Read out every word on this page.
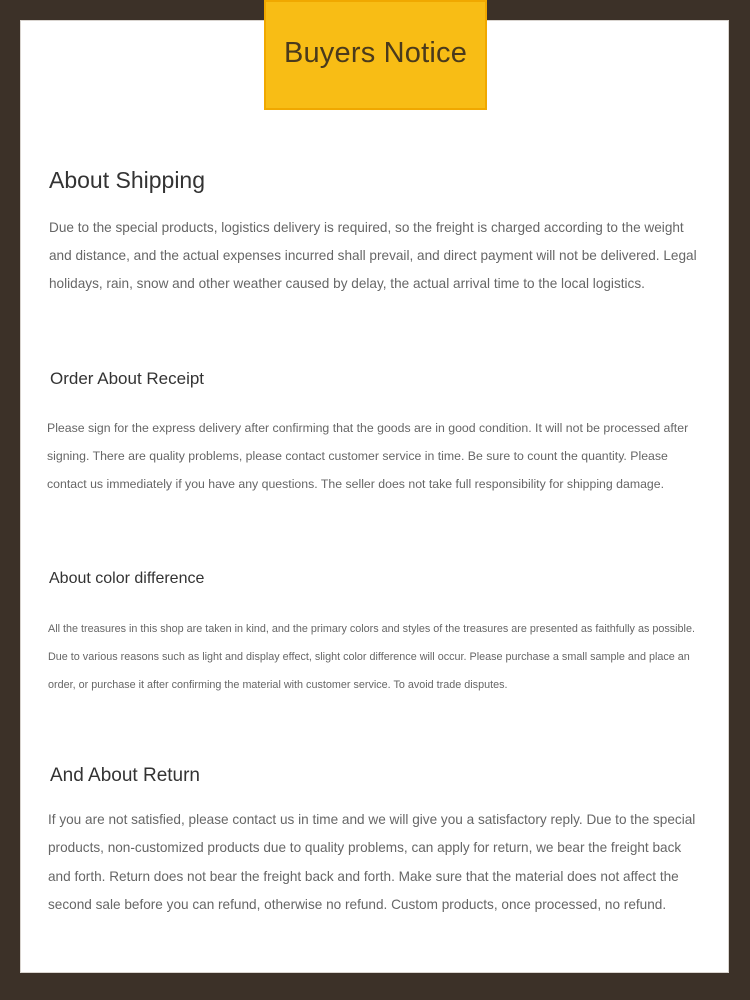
Buyers Notice
About Shipping

Due to the special products, logistics delivery is required, so the freight is charged according to the weight and distance, and the actual expenses incurred shall prevail, and direct payment will not be delivered. Legal holidays, rain, snow and other weather caused by delay, the actual arrival time to the local logistics.

Order About Receipt

Please sign for the express delivery after confirming that the goods are in good condition. It will not be processed after signing. There are quality problems, please contact customer service in time. Be sure to count the quantity. Please contact us immediately if you have any questions. The seller does not take full responsibility for shipping damage.

About color difference

All the treasures in this shop are taken in kind, and the primary colors and styles of the treasures are presented as faithfully as possible. Due to various reasons such as light and display effect, slight color difference will occur. Please purchase a small sample and place an order, or purchase it after confirming the material with customer service. To avoid trade disputes.

And About Return

If you are not satisfied, please contact us in time and we will give you a satisfactory reply. Due to the special products, non-customized products due to quality problems, can apply for return, we bear the freight back and forth. Return does not bear the freight back and forth. Make sure that the material does not affect the second sale before you can refund, otherwise no refund. Custom products, once processed, no refund.
